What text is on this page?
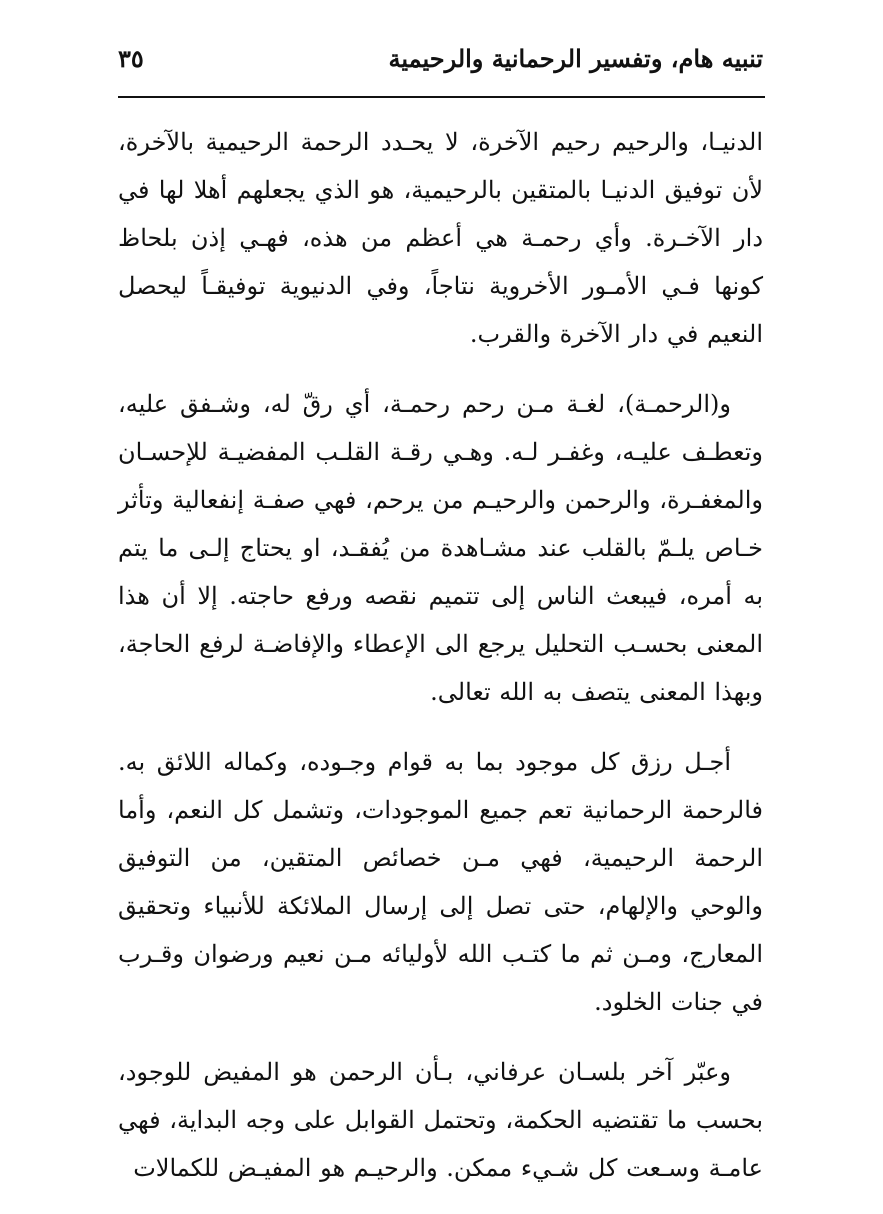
تنبيه هام، وتفسير الرحمانية والرحيمية
٣٥

الدنيـا، والرحيم رحيم الآخرة، لا يحـدد الرحمة الرحيمية بالآخرة، لأن توفيق الدنيـا بالمتقين بالرحيمية، هو الذي يجعلهم أهلا لها في دار الآخـرة. وأي رحمـة هي أعظم من هذه، فهـي إذن بلحاظ كونها فـي الأمـور الأخروية نتاجاً، وفي الدنيوية توفيقـاً ليحصل النعيم في دار الآخرة والقرب.

و(الرحمـة)، لغـة مـن رحم رحمـة، أي رقّ له، وشـفق عليه، وتعطـف عليـه، وغفـر لـه. وهـي رقـة القلـب المفضيـة للإحسـان والمغفـرة، والرحمن والرحيـم من يرحم، فهي صفـة إنفعالية وتأثر خـاص يلـمّ بالقلب عند مشـاهدة من يُفقـد، او يحتاج إلـى ما يتم به أمره، فيبعث الناس إلى تتميم نقصه ورفع حاجته. إلا أن هذا المعنى بحسـب التحليل يرجع الى الإعطاء والإفاضـة لرفع الحاجة، وبهذا المعنى يتصف به الله تعالى.

أجـل رزق كل موجود بما به قوام وجـوده، وكماله اللائق به. فالرحمة الرحمانية تعم جميع الموجودات، وتشمل كل النعم، وأما الرحمة الرحيمية، فهي مـن خصائص المتقين، من التوفيق والوحي والإلهام، حتى تصل إلى إرسال الملائكة للأنبياء وتحقيق المعارج، ومـن ثم ما كتـب الله لأوليائه مـن نعيم ورضوان وقـرب في جنات الخلود.

وعبّر آخر بلسـان عرفاني، بـأن الرحمن هو المفيض للوجود، بحسب ما تقتضيه الحكمة، وتحتمل القوابل على وجه البداية، فهي عامـة وسـعت كل شـيء ممكن. والرحيـم هو المفيـض للكمالات
